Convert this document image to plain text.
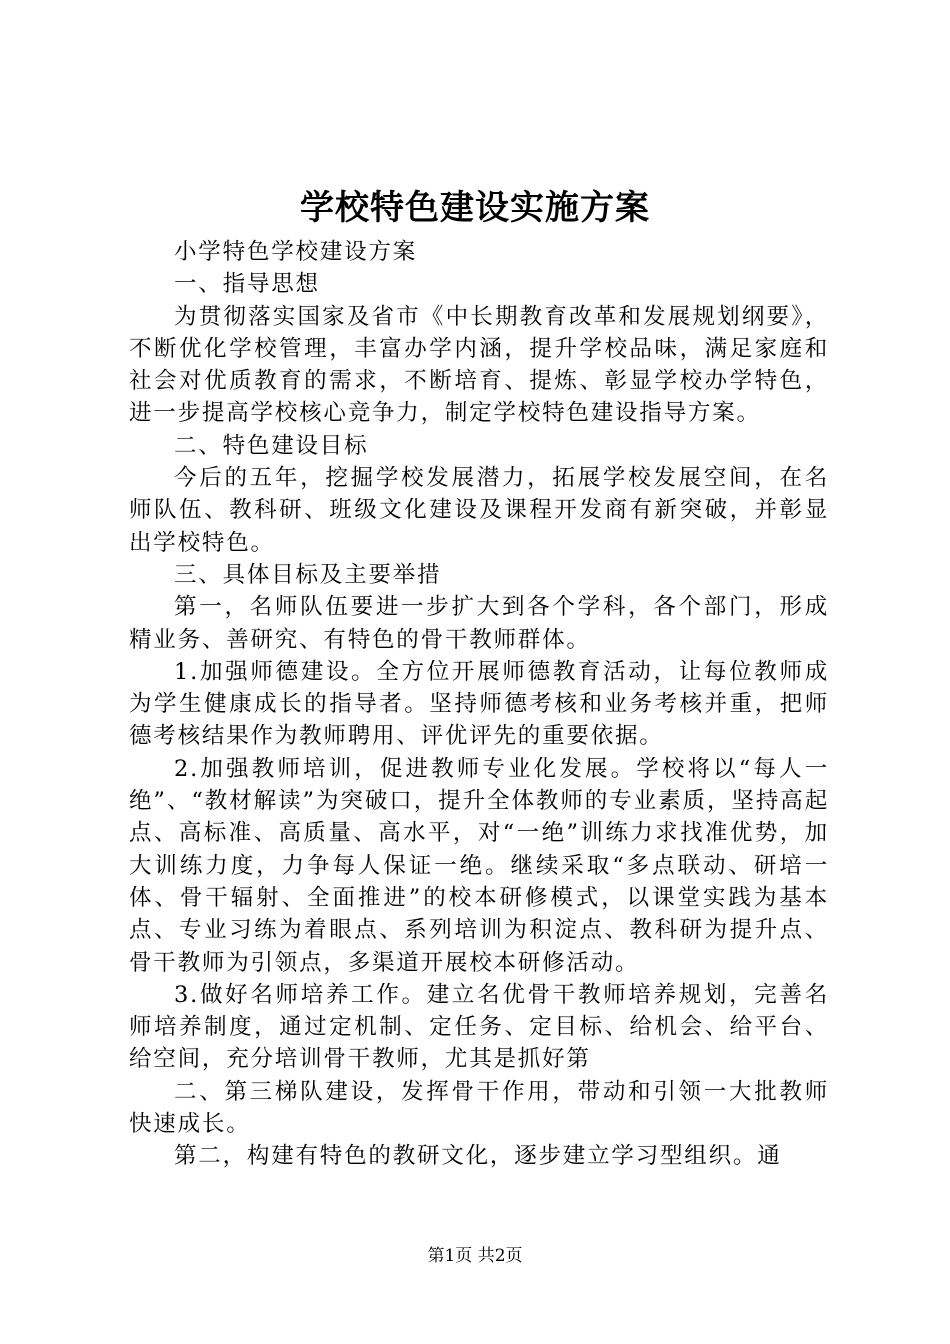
学校特色建设实施方案

小学特色学校建设方案

一、指导思想

为贯彻落实国家及省市《中长期教育改革和发展规划纲要》，不断优化学校管理，丰富办学内涵，提升学校品味，满足家庭和社会对优质教育的需求，不断培育、提炼、彰显学校办学特色，进一步提高学校核心竞争力，制定学校特色建设指导方案。

二、特色建设目标

今后的五年，挖掘学校发展潜力，拓展学校发展空间，在名师队伍、教科研、班级文化建设及课程开发商有新突破，并彰显出学校特色。

三、具体目标及主要举措

第一，名师队伍要进一步扩大到各个学科，各个部门，形成精业务、善研究、有特色的骨干教师群体。

1.加强师德建设。全方位开展师德教育活动，让每位教师成为学生健康成长的指导者。坚持师德考核和业务考核并重，把师德考核结果作为教师聘用、评优评先的重要依据。

2.加强教师培训，促进教师专业化发展。学校将以“每人一绝”、“教材解读”为突破口，提升全体教师的专业素质，坚持高起点、高标准、高质量、高水平，对“一绝”训练力求找准优势，加大训练力度，力争每人保证一绝。继续采取“多点联动、研培一体、骨干辐射、全面推进”的校本研修模式，以课堂实践为基本点、专业习练为着眼点、系列培训为积淀点、教科研为提升点、骨干教师为引领点，多渠道开展校本研修活动。

3.做好名师培养工作。建立名优骨干教师培养规划，完善名师培养制度，通过定机制、定任务、定目标、给机会、给平台、给空间，充分培训骨干教师，尤其是抓好第

二、第三梯队建设，发挥骨干作用，带动和引领一大批教师快速成长。

第二，构建有特色的教研文化，逐步建立学习型组织。通

第1页 共2页
